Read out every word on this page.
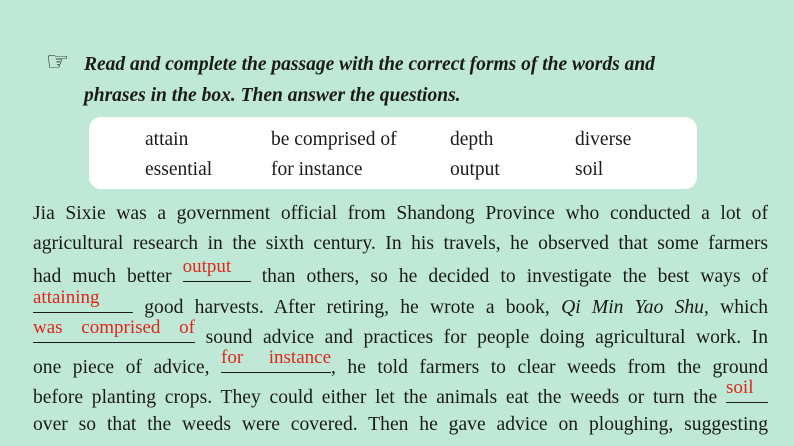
☞ Read and complete the passage with the correct forms of the words and
phrases in the box. Then answer the questions.
attain	be comprised of	depth	diverse
essential	for instance	output	soil
Jia Sixie was a government official from Shandong Province who conducted a lot of
agricultural research in the sixth century. In his travels, he observed that some farmers
had much better output	than others, so he decided to investigate the best ways of
attaining	good harvests. After retiring, he wrote a book, Qi Min Yao Shu, which
was comprised of sound advice and practices for people doing agricultural work. In
one piece of advice, for instance , he told farmers to clear weeds from the ground
before planting crops. They could either let the animals eat the weeds or turn the soil
over so that the weeds were covered. Then he gave advice on ploughing, suggesting
